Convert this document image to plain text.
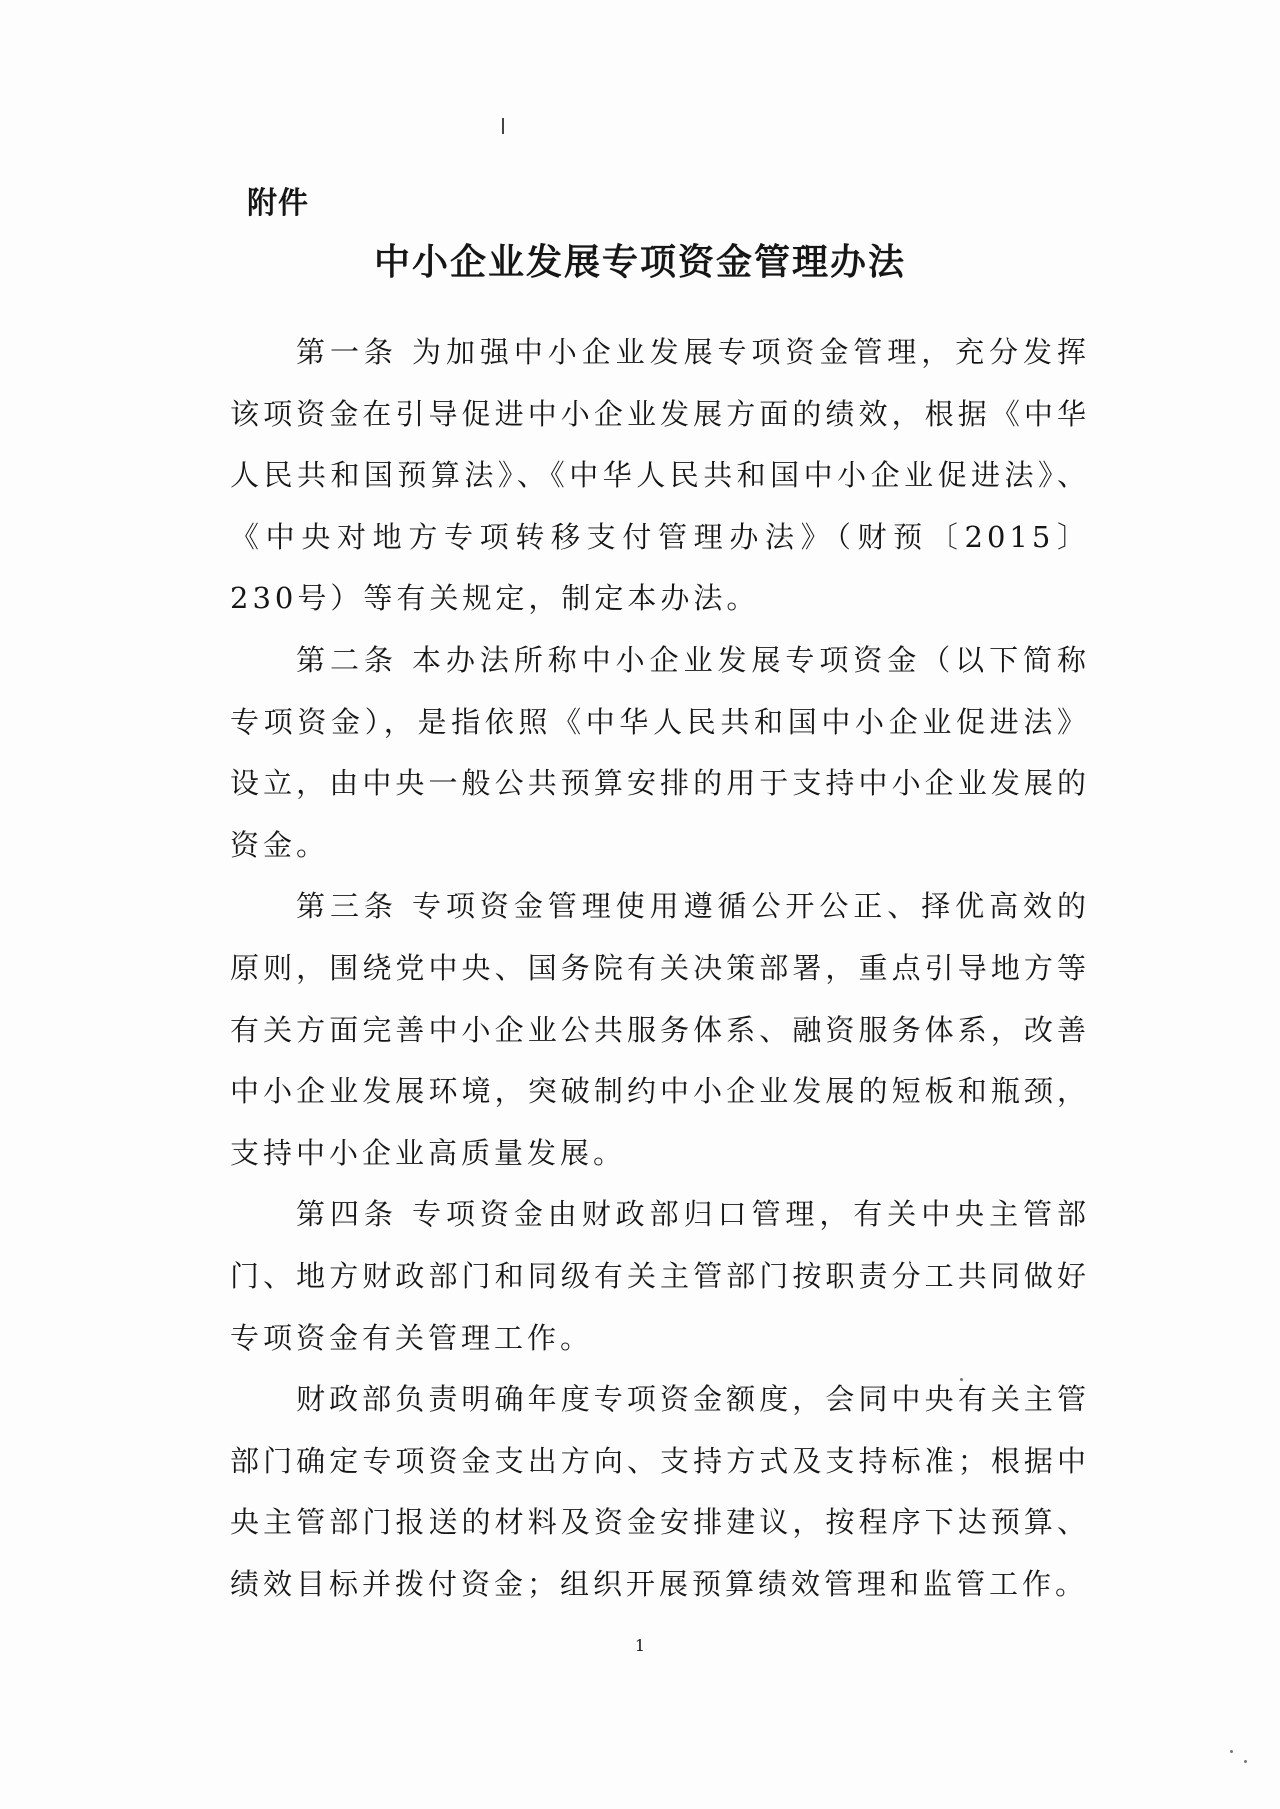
附件
中小企业发展专项资金管理办法

第一条 为加强中小企业发展专项资金管理，充分发挥该项资金在引导促进中小企业发展方面的绩效，根据《中华人民共和国预算法》、《中华人民共和国中小企业促进法》、《中央对地方专项转移支付管理办法》（财预〔2015〕230号）等有关规定，制定本办法。

第二条 本办法所称中小企业发展专项资金（以下简称专项资金），是指依照《中华人民共和国中小企业促进法》设立，由中央一般公共预算安排的用于支持中小企业发展的资金。

第三条 专项资金管理使用遵循公开公正、择优高效的原则，围绕党中央、国务院有关决策部署，重点引导地方等有关方面完善中小企业公共服务体系、融资服务体系，改善中小企业发展环境，突破制约中小企业发展的短板和瓶颈，支持中小企业高质量发展。

第四条 专项资金由财政部归口管理，有关中央主管部门、地方财政部门和同级有关主管部门按职责分工共同做好专项资金有关管理工作。

财政部负责明确年度专项资金额度，会同中央有关主管部门确定专项资金支出方向、支持方式及支持标准；根据中央主管部门报送的材料及资金安排建议，按程序下达预算、绩效目标并拨付资金；组织开展预算绩效管理和监管工作。

1
